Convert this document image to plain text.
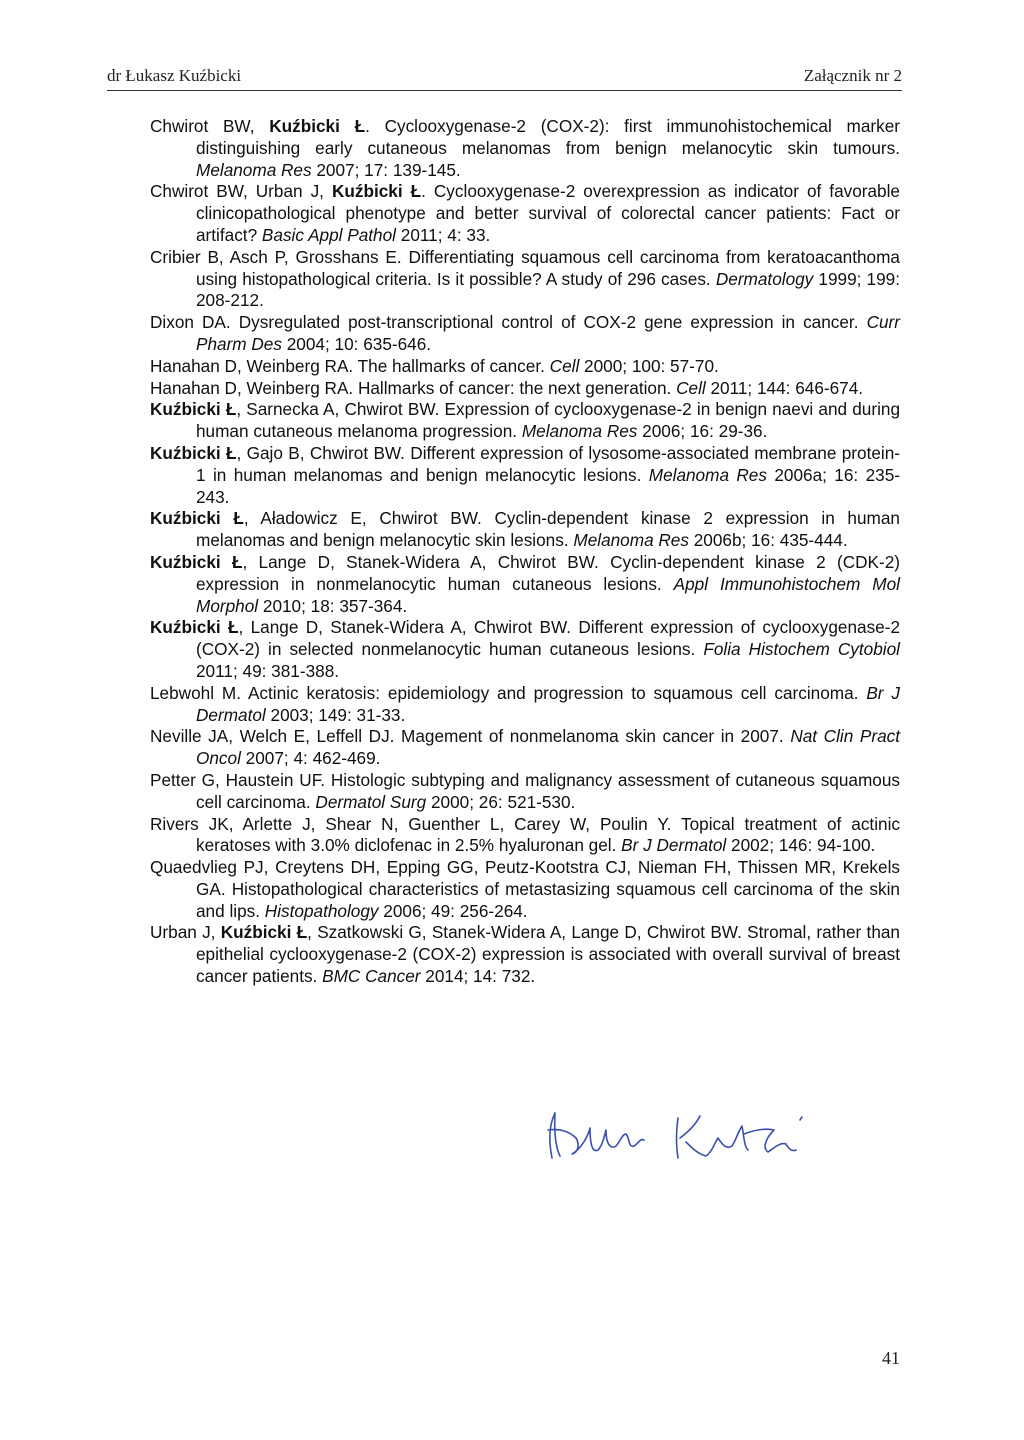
dr Łukasz Kuźbicki	Załącznik nr 2

Chwirot BW, Kuźbicki Ł. Cyclooxygenase-2 (COX-2): first immunohistochemical marker distinguishing early cutaneous melanomas from benign melanocytic skin tumours. Melanoma Res 2007; 17: 139-145.

Chwirot BW, Urban J, Kuźbicki Ł. Cyclooxygenase-2 overexpression as indicator of favorable clinicopathological phenotype and better survival of colorectal cancer patients: Fact or artifact? Basic Appl Pathol 2011; 4: 33.

Cribier B, Asch P, Grosshans E. Differentiating squamous cell carcinoma from keratoacanthoma using histopathological criteria. Is it possible? A study of 296 cases. Dermatology 1999; 199: 208-212.

Dixon DA. Dysregulated post-transcriptional control of COX-2 gene expression in cancer. Curr Pharm Des 2004; 10: 635-646.

Hanahan D, Weinberg RA. The hallmarks of cancer. Cell 2000; 100: 57-70.

Hanahan D, Weinberg RA. Hallmarks of cancer: the next generation. Cell 2011; 144: 646-674.

Kuźbicki Ł, Sarnecka A, Chwirot BW. Expression of cyclooxygenase-2 in benign naevi and during human cutaneous melanoma progression. Melanoma Res 2006; 16: 29-36.

Kuźbicki Ł, Gajo B, Chwirot BW. Different expression of lysosome-associated membrane protein-1 in human melanomas and benign melanocytic lesions. Melanoma Res 2006a; 16: 235-243.

Kuźbicki Ł, Aładowicz E, Chwirot BW. Cyclin-dependent kinase 2 expression in human melanomas and benign melanocytic skin lesions. Melanoma Res 2006b; 16: 435-444.

Kuźbicki Ł, Lange D, Stanek-Widera A, Chwirot BW. Cyclin-dependent kinase 2 (CDK-2) expression in nonmelanocytic human cutaneous lesions. Appl Immunohistochem Mol Morphol 2010; 18: 357-364.

Kuźbicki Ł, Lange D, Stanek-Widera A, Chwirot BW. Different expression of cyclooxygenase-2 (COX-2) in selected nonmelanocytic human cutaneous lesions. Folia Histochem Cytobiol 2011; 49: 381-388.

Lebwohl M. Actinic keratosis: epidemiology and progression to squamous cell carcinoma. Br J Dermatol 2003; 149: 31-33.

Neville JA, Welch E, Leffell DJ. Magement of nonmelanoma skin cancer in 2007. Nat Clin Pract Oncol 2007; 4: 462-469.

Petter G, Haustein UF. Histologic subtyping and malignancy assessment of cutaneous squamous cell carcinoma. Dermatol Surg 2000; 26: 521-530.

Rivers JK, Arlette J, Shear N, Guenther L, Carey W, Poulin Y. Topical treatment of actinic keratoses with 3.0% diclofenac in 2.5% hyaluronan gel. Br J Dermatol 2002; 146: 94-100.

Quaedvlieg PJ, Creytens DH, Epping GG, Peutz-Kootstra CJ, Nieman FH, Thissen MR, Krekels GA. Histopathological characteristics of metastasizing squamous cell carcinoma of the skin and lips. Histopathology 2006; 49: 256-264.

Urban J, Kuźbicki Ł, Szatkowski G, Stanek-Widera A, Lange D, Chwirot BW. Stromal, rather than epithelial cyclooxygenase-2 (COX-2) expression is associated with overall survival of breast cancer patients. BMC Cancer 2014; 14: 732.

41
